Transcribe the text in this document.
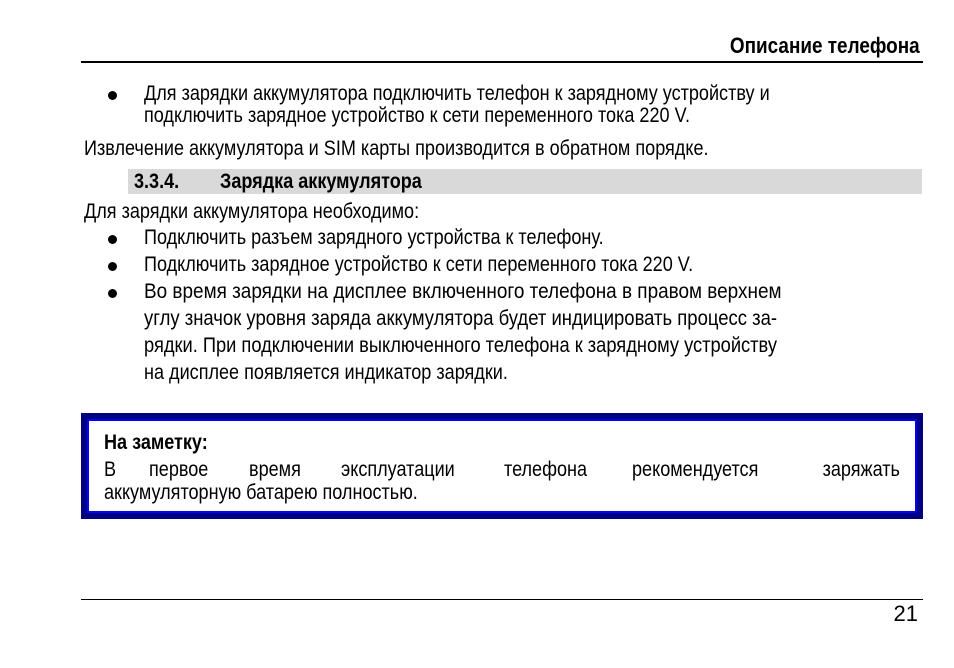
Описание телефона
Для зарядки аккумулятора подключить телефон к зарядному устройству и
подключить зарядное устройство к сети переменного тока 220 V.
Извлечение аккумулятора и SIM карты производится в обратном порядке.
3.3.4. Зарядка аккумулятора
Для зарядки аккумулятора необходимо:
Подключить разъем зарядного устройства к телефону.
Подключить зарядное устройство к сети переменного тока 220 V.
Во время зарядки на дисплее включенного телефона в правом верхнем
углу значок уровня заряда аккумулятора будет индицировать процесс за-
рядки. При подключении выключенного телефона к зарядному устройству
на дисплее появляется индикатор зарядки.
На заметку:
В первое время эксплуатации телефона рекомендуется	заряжать
аккумуляторную батарею полностью.
21
